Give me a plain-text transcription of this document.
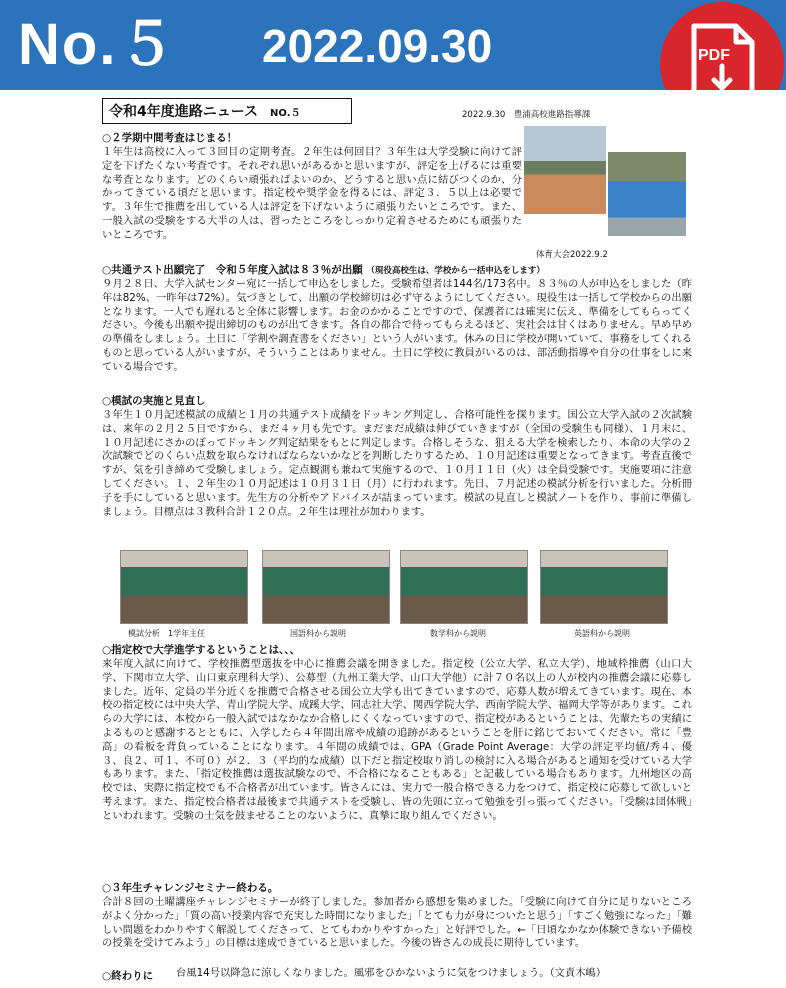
No.５ 2022.09.30	PDF
令和4年度進路ニュース NO.５	2022.9.30　豊浦高校進路指導課
○２学期中間考査はじまる！
１年生は高校に入って３回目の定期考査。２年生は何回目？３年生は大学受験に向けて評定を下げたくない考査です。それぞれ思いがあるかと思いますが、評定を上げるには重要な考査となります。どのくらい頑張ればよいのか、どうすると思い点に結びつくのか、分かってきている頃だと思います。指定校や奨学金を得るには、評定３．５以上は必要です。３年生で推薦を出している人は評定を下げないように頑張りたいところです。また、一般入試の受験をする大半の人は、習ったところをしっかり定着させるためにも頑張りたいところです。
体育大会2022.9.2
○共通テスト出願完了　令和５年度入試は８３％が出願 （現役高校生は、学校から一括申込をします）
９月２８日、大学入試センター宛に一括して申込をしました。受験希望者は144名/173名中。８３％の人が申込をしました（昨年は82%、一昨年は72%）。気づきとして、出願の学校締切は必ず守るようにしてください。現役生は一括して学校からの出願となります。一人でも遅れると全体に影響します。お金のかかることですので、保護者には確実に伝え、準備をしてもらってください。今後も出願や提出締切のものが出てきます。各自の都合で待ってもらえるほど、実社会は甘くはありません。早め早めの準備をしましょう。土日に「学割や調査書をください」という人がいます。休みの日に学校が開いていて、事務をしてくれるものと思っている人がいますが、そういうことはありません。土日に学校に教員がいるのは、部活動指導や自分の仕事をしに来ている場合です。
○模試の実施と見直し
３年生１０月記述模試の成績と１月の共通テスト成績をドッキング判定し、合格可能性を探ります。国公立大学入試の２次試験は、来年の２月２５日ですから、まだ４ヶ月も先です。まだまだ成績は伸びていきますが（全国の受験生も同様）、１月末に、１０月記述にさかのぼってドッキング判定結果をもとに判定します。合格しそうな、狙える大学を検索したり、本命の大学の２次試験でどのくらい点数を取らなければならないかなどを判断したりするため、１０月記述は重要となってきます。考査直後ですが、気を引き締めて受験しましょう。定点観測も兼ねて実施するので、１０月１１日（火）は全員受験です。実施要項に注意してください。１、２年生の１０月記述は１０月３１日（月）に行われます。先日、７月記述の模試分析を行いました。分析冊子を手にしていると思います。先生方の分析やアドバイスが詰まっています。模試の見直しと模試ノートを作り、事前に準備しましょう。目標点は３教科合計１２０点。２年生は理社が加わります。
模試分析　1学年主任	国語科から説明	数学科から説明	英語科から説明
○指定校で大学進学するということは、、、
来年度入試に向けて、学校推薦型選抜を中心に推薦会議を開きました。指定校（公立大学、私立大学）、地域枠推薦（山口大学、下関市立大学、山口東京理科大学）、公募型（九州工業大学、山口大学他）に計７０名以上の人が校内の推薦会議に応募しました。近年、定員の半分近くを推薦で合格させる国公立大学も出てきていますので、応募人数が増えてきています。現在、本校の指定校には中央大学、青山学院大学、成蹊大学、同志社大学、関西学院大学、西南学院大学、福岡大学等があります。これらの大学には、本校から一般入試ではなかなか合格しにくくなっていますので、指定校があるということは、先輩たちの実績によるものと感謝するとともに、入学したら４年間出席や成績の追跡があるということを肝に銘じておいてください。常に「豊高」の看板を背負っていることになります。４年間の成績では、GPA（Grade Point Average：大学の評定平均値/秀４、優３、良２、可１、不可０）が２．３（平均的な成績）以下だと指定校取り消しの検討に入る場合があると通知を受けている大学もあります。また、「指定校推薦は選抜試験なので、不合格になることもある」と記載している場合もあります。九州地区の高校では、実際に指定校でも不合格者が出ています。皆さんには、実力で一般合格できる力をつけて、指定校に応募して欲しいと考えます。また、指定校合格者は最後まで共通テストを受験し、皆の先頭に立って勉強を引っ張ってください。「受験は団体戦」といわれます。受験の士気を鼓ませることのないように、真摯に取り組んでください。
○３年生チャレンジセミナー終わる。
合計８回の土曜講座チャレンジセミナーが終了しました。参加者から感想を集めました。「受験に向けて自分に足りないところがよく分かった」「質の高い授業内容で充実した時間になりました」「とても力が身についたと思う」「すごく勉強になった」「難しい問題をわかりやすく解説してくださって、とてもわかりやすかった」と好評でした。←「日頃なかなか体験できない予備校の授業を受けてみよう」の目標は達成できていると思いました。今後の皆さんの成長に期待しています。
○終わりに 台風14号以降急に涼しくなりました。風邪をひかないように気をつけましょう。（文責木嶋）
